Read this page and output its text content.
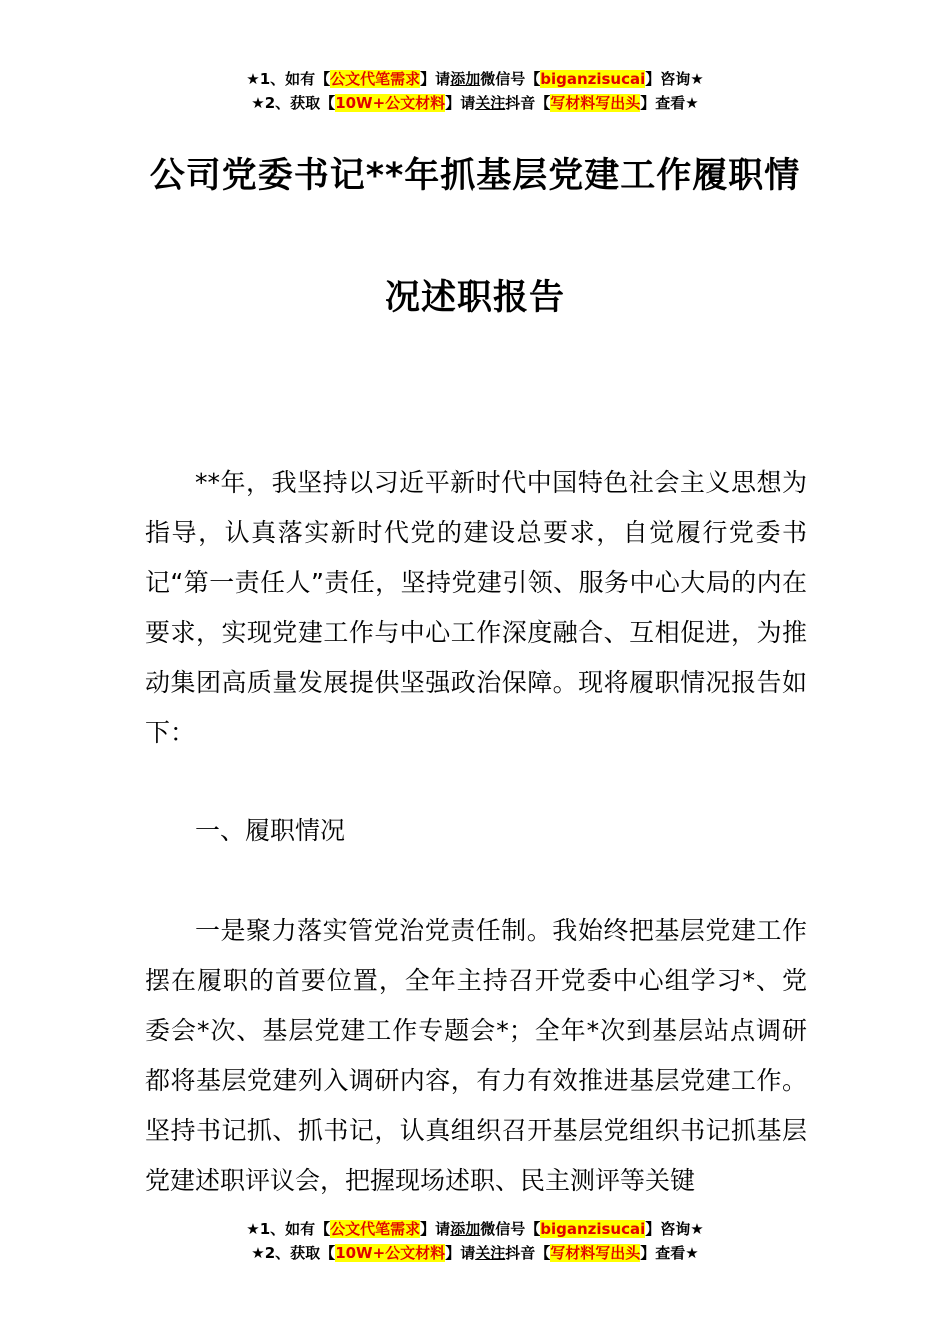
★1、如有【公文代笔需求】请添加微信号【biganzisucai】咨询★
★2、获取【10W+公文材料】请关注抖音【写材料写出头】查看★
公司党委书记**年抓基层党建工作履职情
况述职报告
**年，我坚持以习近平新时代中国特色社会主义思想为指导，认真落实新时代党的建设总要求，自觉履行党委书记“第一责任人”责任，坚持党建引领、服务中心大局的内在要求，实现党建工作与中心工作深度融合、互相促进，为推动集团高质量发展提供坚强政治保障。现将履职情况报告如下：
一、履职情况
一是聚力落实管党治党责任制。我始终把基层党建工作摆在履职的首要位置，全年主持召开党委中心组学习*、党委会*次、基层党建工作专题会*；全年*次到基层站点调研都将基层党建列入调研内容，有力有效推进基层党建工作。坚持书记抓、抓书记，认真组织召开基层党组织书记抓基层党建述职评议会，把握现场述职、民主测评等关键
★1、如有【公文代笔需求】请添加微信号【biganzisucai】咨询★
★2、获取【10W+公文材料】请关注抖音【写材料写出头】查看★
